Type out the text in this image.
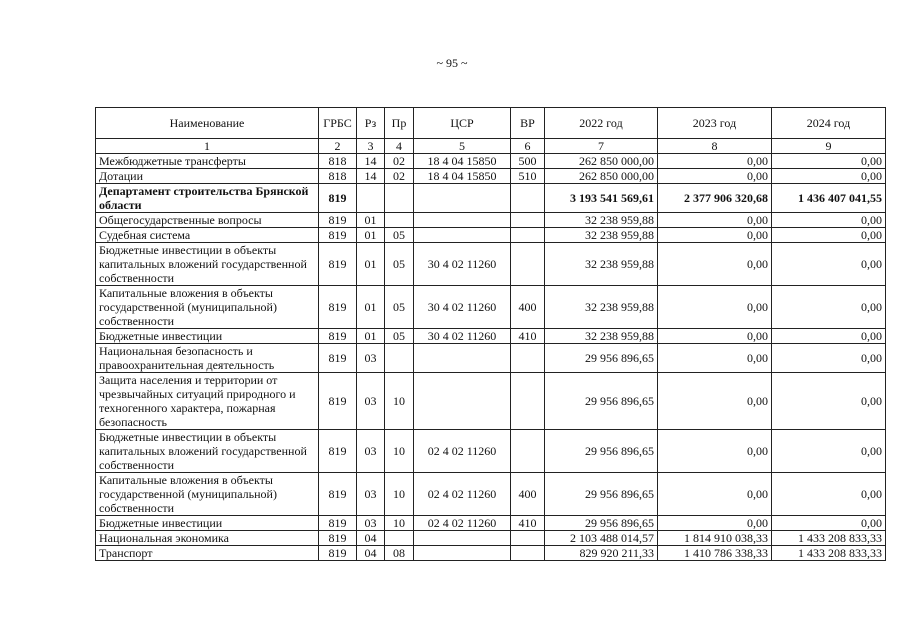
~ 95 ~
Наименование	ГРБС	Рз	Пр	ЦСР	ВР	2022 год	2023 год	2024 год
1	2	3	4	5	6	7	8	9
Межбюджетные трансферты	818	14	02	18 4 04 15850	500	262 850 000,00	0,00	0,00
Дотации	818	14	02	18 4 04 15850	510	262 850 000,00	0,00	0,00
Департамент строительства Брянской области	819					3 193 541 569,61	2 377 906 320,68	1 436 407 041,55
Общегосударственные вопросы	819	01				32 238 959,88	0,00	0,00
Судебная система	819	01	05			32 238 959,88	0,00	0,00
Бюджетные инвестиции в объекты капитальных вложений государственной собственности	819	01	05	30 4 02 11260		32 238 959,88	0,00	0,00
Капитальные вложения в объекты государственной (муниципальной) собственности	819	01	05	30 4 02 11260	400	32 238 959,88	0,00	0,00
Бюджетные инвестиции	819	01	05	30 4 02 11260	410	32 238 959,88	0,00	0,00
Национальная безопасность и правоохранительная деятельность	819	03				29 956 896,65	0,00	0,00
Защита населения и территории от чрезвычайных ситуаций природного и техногенного характера, пожарная безопасность	819	03	10			29 956 896,65	0,00	0,00
Бюджетные инвестиции в объекты капитальных вложений государственной собственности	819	03	10	02 4 02 11260		29 956 896,65	0,00	0,00
Капитальные вложения в объекты государственной (муниципальной) собственности	819	03	10	02 4 02 11260	400	29 956 896,65	0,00	0,00
Бюджетные инвестиции	819	03	10	02 4 02 11260	410	29 956 896,65	0,00	0,00
Национальная экономика	819	04				2 103 488 014,57	1 814 910 038,33	1 433 208 833,33
Транспорт	819	04	08			829 920 211,33	1 410 786 338,33	1 433 208 833,33
